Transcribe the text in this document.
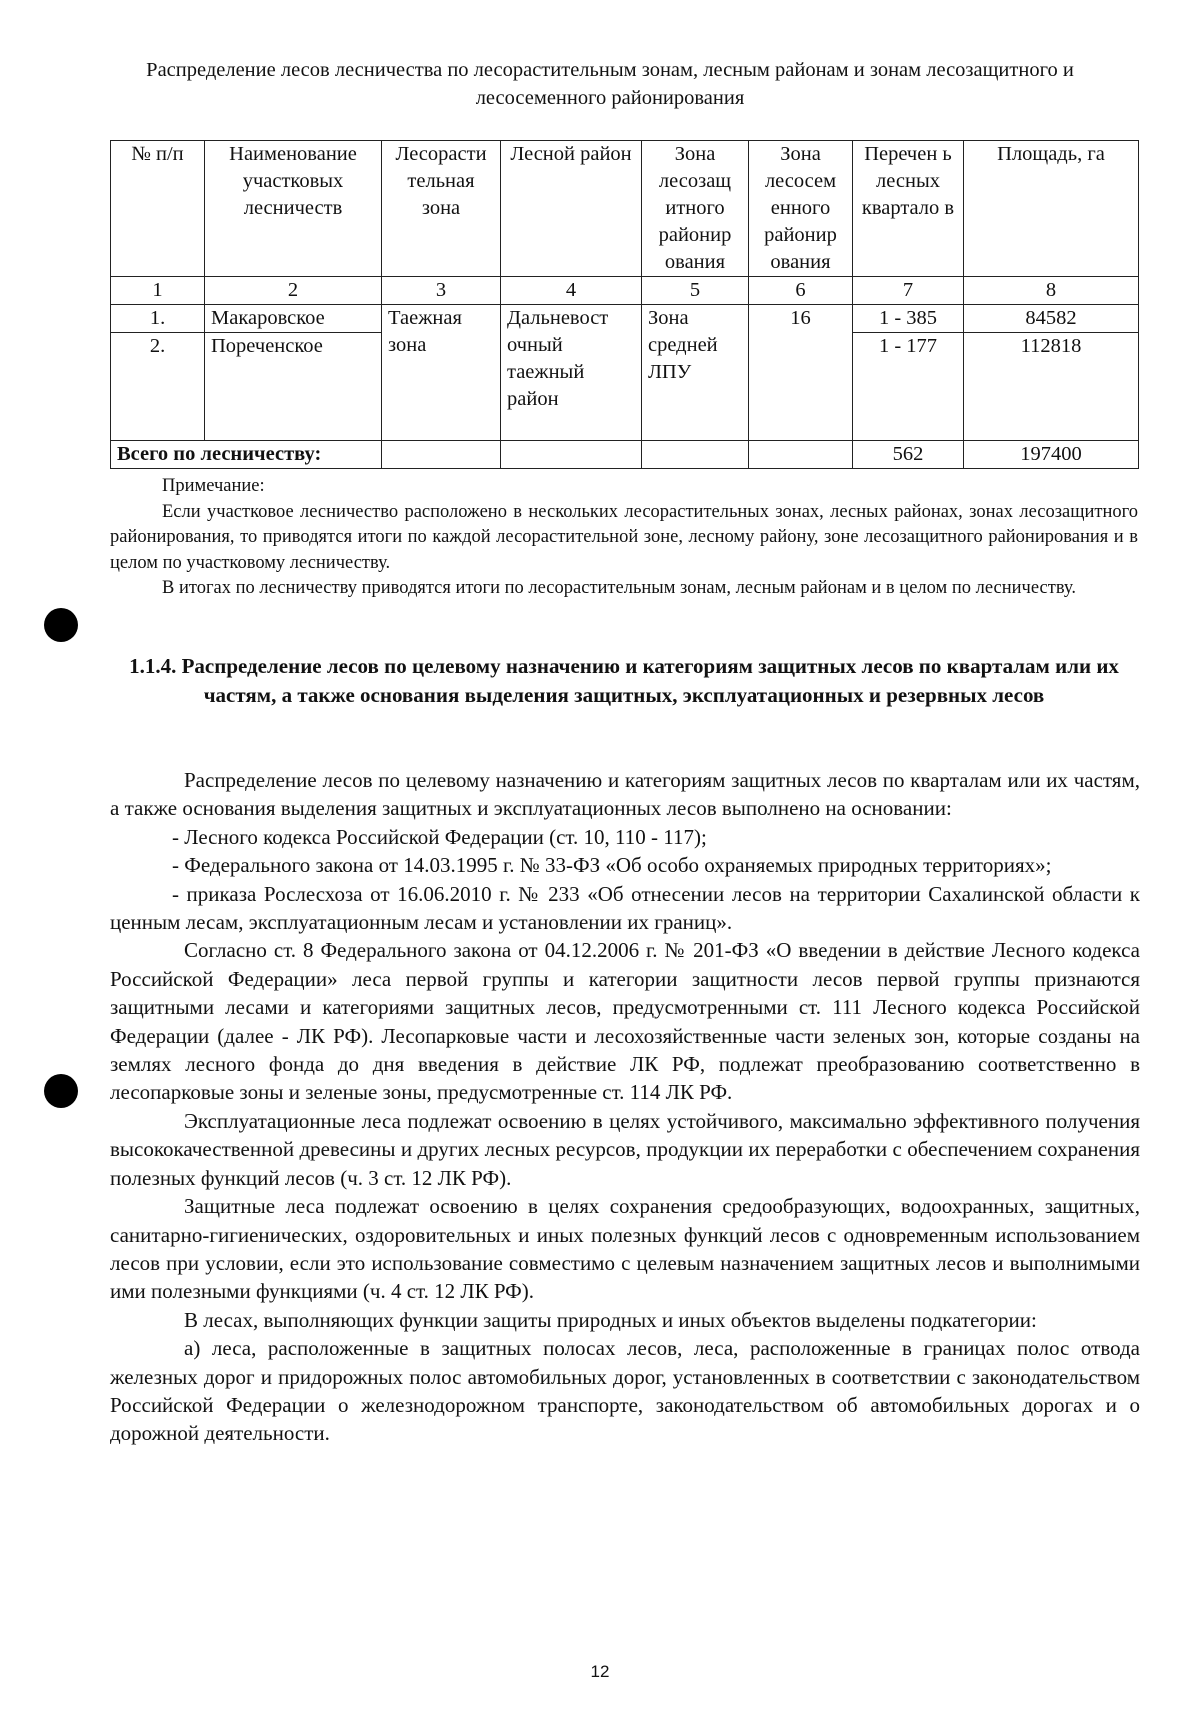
Распределение лесов лесничества по лесорастительным зонам, лесным районам и зонам лесозащитного и лесосеменного районирования
№ п/п	Наименование участковых лесничеств	Лесорасти тельная зона	Лесной район	Зона лесозащ итного районир ования	Зона лесосем енного районир ования	Перечен ь лесных квартало в	Площадь, га
1	2	3	4	5	6	7	8
1.	Макаровское	Таежная зона	Дальневост очный таежный район	Зона средней ЛПУ	16	1 - 385	84582
2.	Пореченское					1 - 177	112818
Всего по лесничеству:						562	197400

Примечание:

Если участковое лесничество расположено в нескольких лесорастительных зонах, лесных районах, зонах лесозащитного районирования, то приводятся итоги по каждой лесорастительной зоне, лесному району, зоне лесозащитного районирования и в целом по участковому лесничеству.

В итогах по лесничеству приводятся итоги по лесорастительным зонам, лесным районам и в целом по лесничеству.

1.1.4. Распределение лесов по целевому назначению и категориям защитных лесов по кварталам или их частям, а также основания выделения защитных, эксплуатационных и резервных лесов

Распределение лесов по целевому назначению и категориям защитных лесов по кварталам или их частям, а также основания выделения защитных и эксплуатационных лесов выполнено на основании:

- Лесного кодекса Российской Федерации (ст. 10, 110 - 117);

- Федерального закона от 14.03.1995 г. № 33-ФЗ «Об особо охраняемых природных территориях»;

- приказа Рослесхоза от 16.06.2010 г. № 233 «Об отнесении лесов на территории Сахалинской области к ценным лесам, эксплуатационным лесам и установлении их границ».

Согласно ст. 8 Федерального закона от 04.12.2006 г. № 201-ФЗ «О введении в действие Лесного кодекса Российской Федерации» леса первой группы и категории защитности лесов первой группы признаются защитными лесами и категориями защитных лесов, предусмотренными ст. 111 Лесного кодекса Российской Федерации (далее - ЛК РФ). Лесопарковые части и лесохозяйственные части зеленых зон, которые созданы на землях лесного фонда до дня введения в действие ЛК РФ, подлежат преобразованию соответственно в лесопарковые зоны и зеленые зоны, предусмотренные ст. 114 ЛК РФ.

Эксплуатационные леса подлежат освоению в целях устойчивого, максимально эффективного получения высококачественной древесины и других лесных ресурсов, продукции их переработки с обеспечением сохранения полезных функций лесов (ч. 3 ст. 12 ЛК РФ).

Защитные леса подлежат освоению в целях сохранения средообразующих, водоохранных, защитных, санитарно-гигиенических, оздоровительных и иных полезных функций лесов с одновременным использованием лесов при условии, если это использование совместимо с целевым назначением защитных лесов и выполнимыми ими полезными функциями (ч. 4 ст. 12 ЛК РФ).

В лесах, выполняющих функции защиты природных и иных объектов выделены подкатегории:

а) леса, расположенные в защитных полосах лесов, леса, расположенные в границах полос отвода железных дорог и придорожных полос автомобильных дорог, установленных в соответствии с законодательством Российской Федерации о железнодорожном транспорте, законодательством об автомобильных дорогах и о дорожной деятельности.

12
